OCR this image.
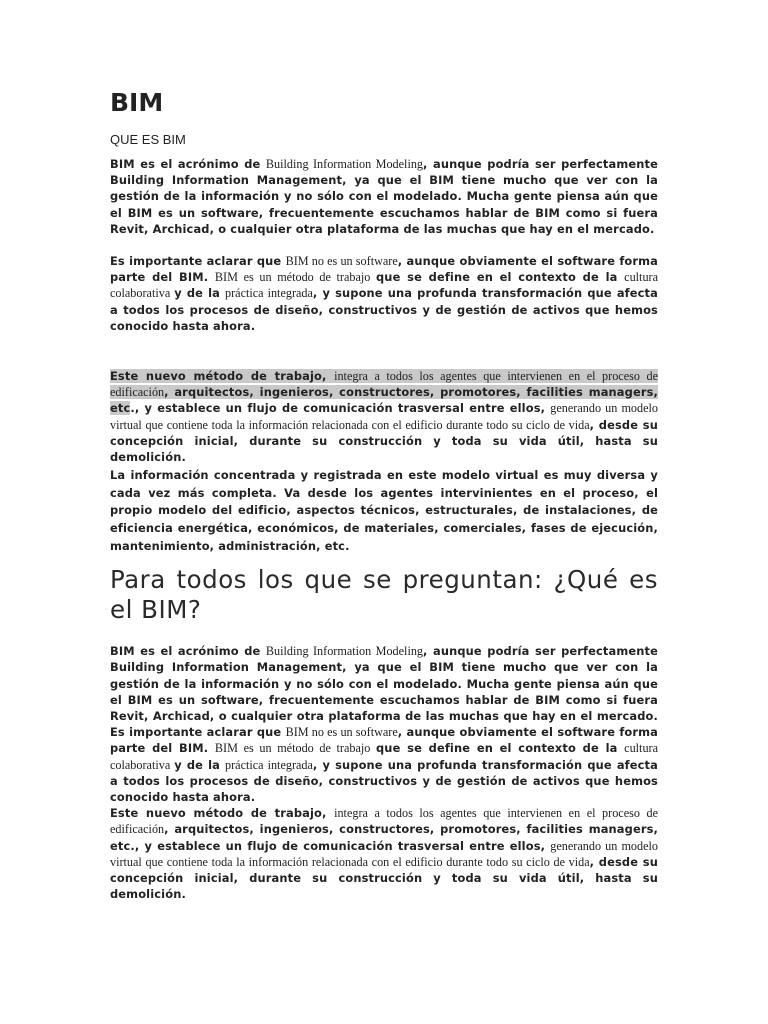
BIM
QUE ES BIM

BIM es el acrónimo de Building Information Modeling, aunque podría ser perfectamente Building Information Management, ya que el BIM tiene mucho que ver con la gestión de la información y no sólo con el modelado. Mucha gente piensa aún que el BIM es un software, frecuentemente escuchamos hablar de BIM como si fuera Revit, Archicad, o cualquier otra plataforma de las muchas que hay en el mercado.

Es importante aclarar que BIM no es un software, aunque obviamente el software forma parte del BIM. BIM es un método de trabajo que se define en el contexto de la cultura colaborativa y de la práctica integrada, y supone una profunda transformación que afecta a todos los procesos de diseño, constructivos y de gestión de activos que hemos conocido hasta ahora.

Este nuevo método de trabajo, integra a todos los agentes que intervienen en el proceso de edificación, arquitectos, ingenieros, constructores, promotores, facilities managers, etc., y establece un flujo de comunicación trasversal entre ellos, generando un modelo virtual que contiene toda la información relacionada con el edificio durante todo su ciclo de vida, desde su concepción inicial, durante su construcción y toda su vida útil, hasta su demolición.

La información concentrada y registrada en este modelo virtual es muy diversa y cada vez más completa. Va desde los agentes intervinientes en el proceso, el propio modelo del edificio, aspectos técnicos, estructurales, de instalaciones, de eficiencia energética, económicos, de materiales, comerciales, fases de ejecución, mantenimiento, administración, etc.

Para todos los que se preguntan: ¿Qué es el BIM?

BIM es el acrónimo de Building Information Modeling, aunque podría ser perfectamente Building Information Management, ya que el BIM tiene mucho que ver con la gestión de la información y no sólo con el modelado. Mucha gente piensa aún que el BIM es un software, frecuentemente escuchamos hablar de BIM como si fuera Revit, Archicad, o cualquier otra plataforma de las muchas que hay en el mercado. Es importante aclarar que BIM no es un software, aunque obviamente el software forma parte del BIM. BIM es un método de trabajo que se define en el contexto de la cultura colaborativa y de la práctica integrada, y supone una profunda transformación que afecta a todos los procesos de diseño, constructivos y de gestión de activos que hemos conocido hasta ahora.

Este nuevo método de trabajo, integra a todos los agentes que intervienen en el proceso de edificación, arquitectos, ingenieros, constructores, promotores, facilities managers, etc., y establece un flujo de comunicación trasversal entre ellos, generando un modelo virtual que contiene toda la información relacionada con el edificio durante todo su ciclo de vida, desde su concepción inicial, durante su construcción y toda su vida útil, hasta su demolición.
